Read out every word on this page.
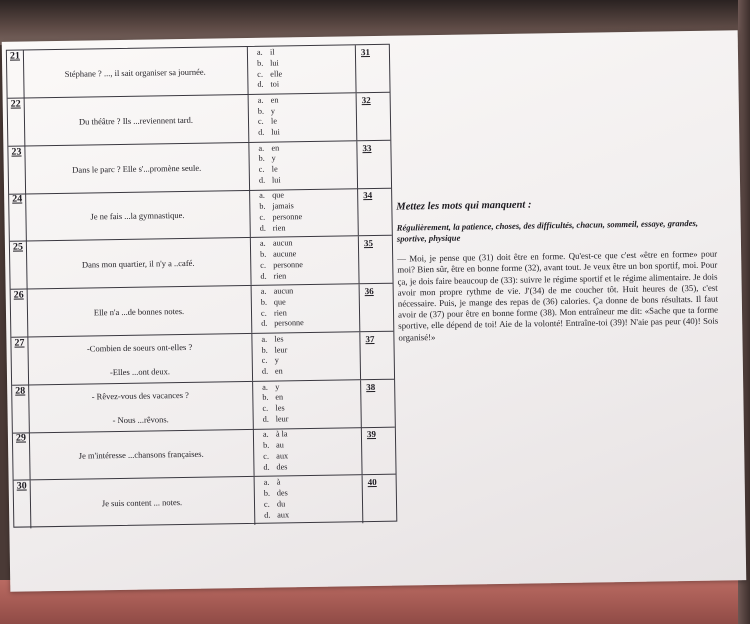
21
Stéphane ? ..., il sait organiser sa journée.
a. il
b. lui
c. elle
d. toi
31
22
Du théâtre ? Ils ...reviennent tard.
a. en
b. y
c. le
d. lui
32
23
Dans le parc ? Elle s'...promène seule.
a. en
b. y
c. le
d. lui
33
24
Je ne fais ...la gymnastique.
a. que
b. jamais
c. personne
d. rien
34
25
Dans mon quartier, il n'y a ..café.
a. aucun
b. aucune
c. personne
d. rien
35
26
Elle n'a ...de bonnes notes.
a. aucun
b. que
c. rien
d. personne
36
27	-Combien de soeurs ont-elles ?
-Elles ...ont deux.
a. les
b. leur
c. y
d. en
37
28	- Rêvez-vous des vacances ?
- Nous ...rêvons.
a. y
b. en
c. les
d. leur
38
29
Je m'intéresse ...chansons françaises.
a. à la
b. au
c. aux
d. des
39
30
Je suis content ... notes.
a. à
b. des
c. du
d. aux
40
Mettez les mots qui manquent :
Régulièrement, la patience, choses, des difficultés, chacun, sommeil, essaye, grandes, sportive, physique
— Moi, je pense que (31) doit être en forme. Qu'est-ce que c'est «être en forme» pour moi? Bien sûr, être en bonne forme (32), avant tout. Je veux être un bon sportif, moi. Pour ça, je dois faire beaucoup de (33): suivre le régime sportif et le régime alimentaire. Je dois avoir mon propre rythme de vie. J'(34) de me coucher tôt. Huit heures de (35), c'est nécessaire. Puis, je mange des repas de (36) calories. Ça donne de bons résultats. Il faut avoir de (37) pour être en bonne forme (38). Mon entraîneur me dit: «Sache que ta forme sportive, elle dépend de toi! Aie de la volonté! Entraîne-toi (39)! N'aie pas peur (40)! Sois organisé!»
